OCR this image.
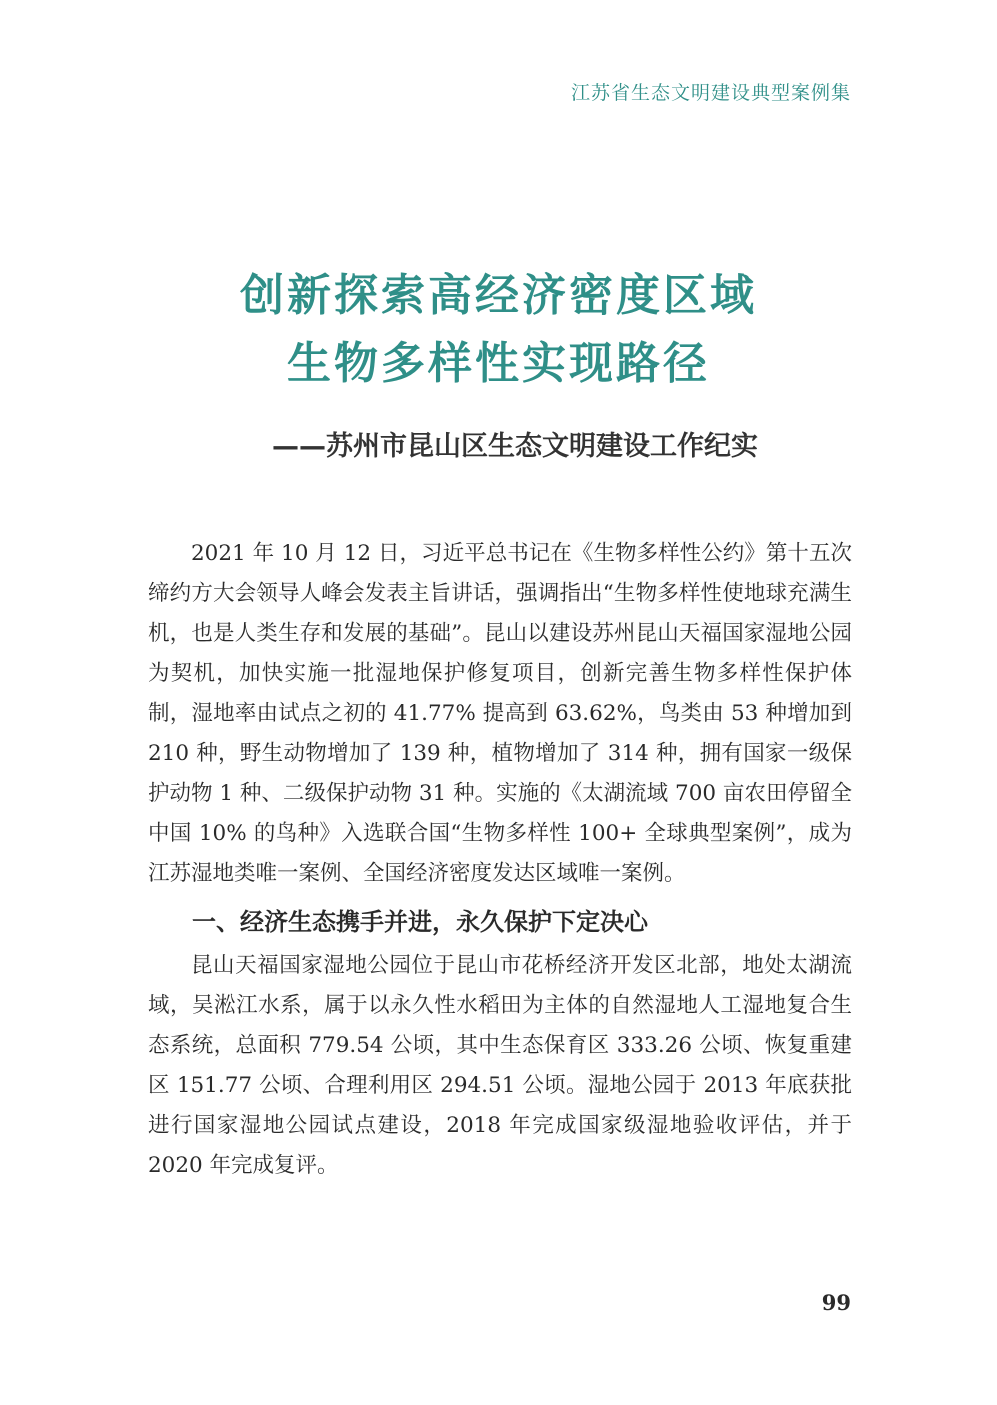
江苏省生态文明建设典型案例集
创新探索高经济密度区域
生物多样性实现路径
——苏州市昆山区生态文明建设工作纪实

2021 年 10 月 12 日，习近平总书记在《生物多样性公约》第十五次缔约方大会领导人峰会发表主旨讲话，强调指出“生物多样性使地球充满生机，也是人类生存和发展的基础”。昆山以建设苏州昆山天福国家湿地公园为契机，加快实施一批湿地保护修复项目，创新完善生物多样性保护体制，湿地率由试点之初的 41.77% 提高到 63.62%，鸟类由 53 种增加到 210 种，野生动物增加了 139 种，植物增加了 314 种，拥有国家一级保护动物 1 种、二级保护动物 31 种。实施的《太湖流域 700 亩农田停留全中国 10% 的鸟种》入选联合国“生物多样性 100+ 全球典型案例”，成为江苏湿地类唯一案例、全国经济密度发达区域唯一案例。

一、经济生态携手并进，永久保护下定决心

昆山天福国家湿地公园位于昆山市花桥经济开发区北部，地处太湖流域，吴淞江水系，属于以永久性水稻田为主体的自然湿地人工湿地复合生态系统，总面积 779.54 公顷，其中生态保育区 333.26 公顷、恢复重建区 151.77 公顷、合理利用区 294.51 公顷。湿地公园于 2013 年底获批进行国家湿地公园试点建设，2018 年完成国家级湿地验收评估，并于 2020 年完成复评。

99
